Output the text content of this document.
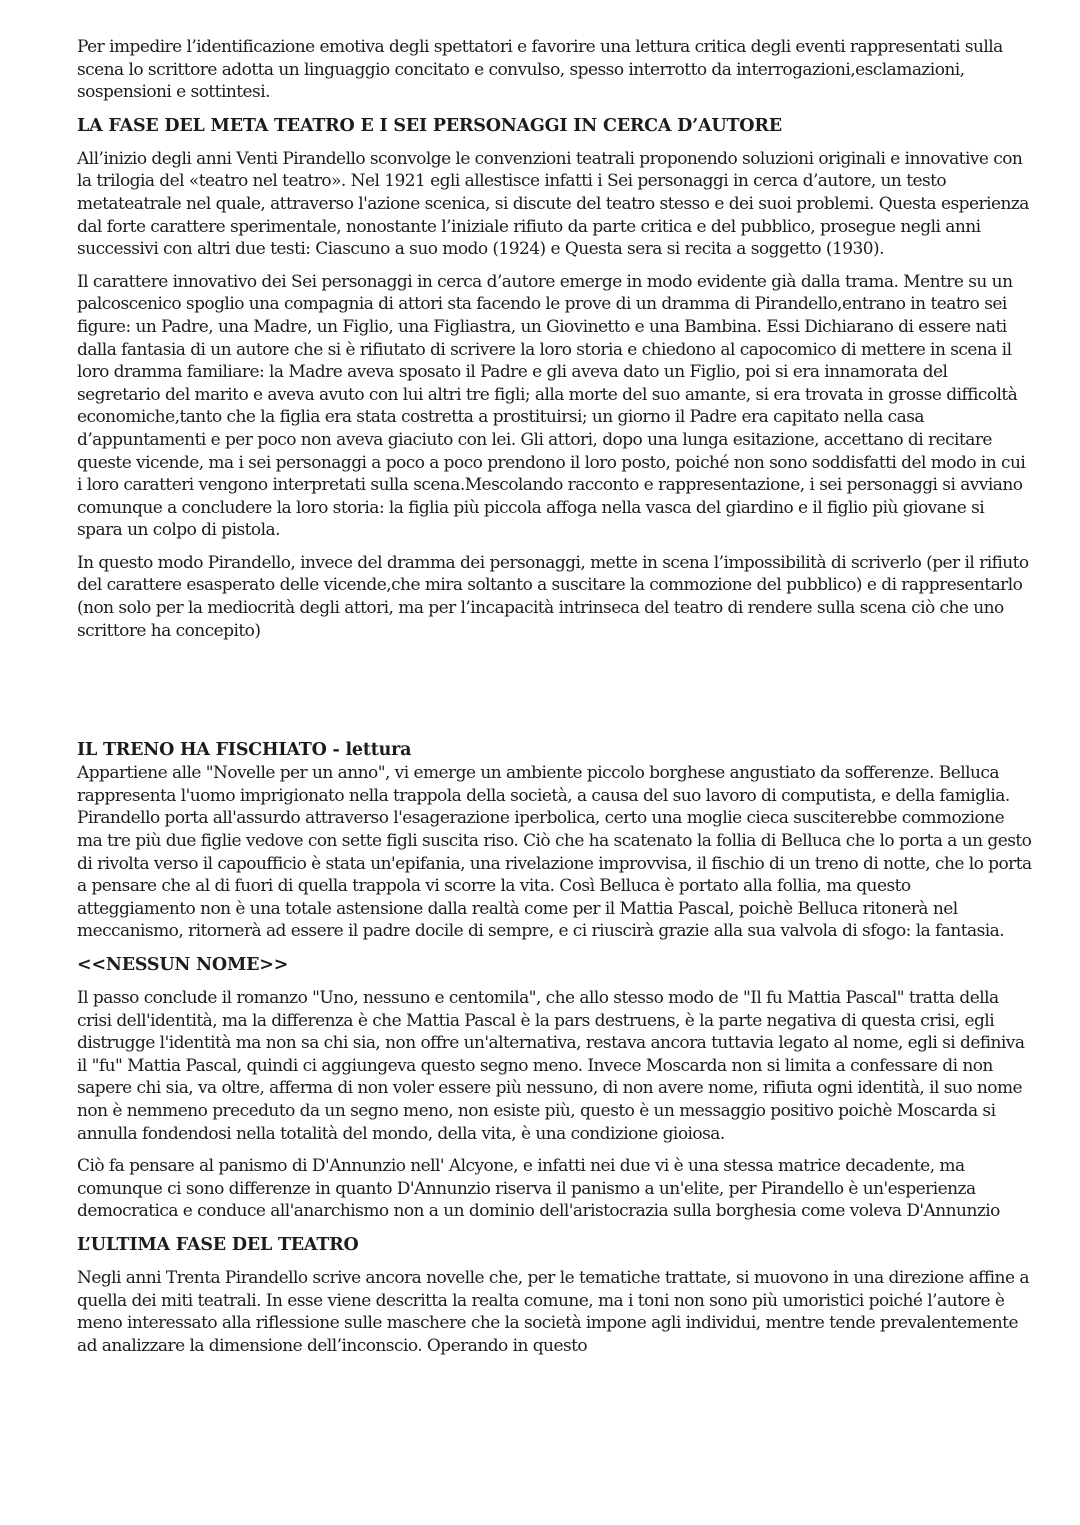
Per impedire l’identificazione emotiva degli spettatori e favorire una lettura critica degli eventi rappresentati sulla scena lo scrittore adotta un linguaggio concitato e convulso, spesso interrotto da interrogazioni,esclamazioni, sospensioni e sottintesi.

LA FASE DEL META TEATRO E I SEI PERSONAGGI IN CERCA D’AUTORE

All’inizio degli anni Venti Pirandello sconvolge le convenzioni teatrali proponendo soluzioni originali e innovative con la trilogia del «teatro nel teatro». Nel 1921 egli allestisce infatti i Sei personaggi in cerca d’autore, un testo metateatrale nel quale, attraverso l'azione scenica, si discute del teatro stesso e dei suoi problemi. Questa esperienza dal forte carattere sperimentale, nonostante l’iniziale rifiuto da parte critica e del pubblico, prosegue negli anni successivi con altri due testi: Ciascuno a suo modo (1924) e Questa sera si recita a soggetto (1930).

Il carattere innovativo dei Sei personaggi in cerca d’autore emerge in modo evidente già dalla trama. Mentre su un palcoscenico spoglio una compagnia di attori sta facendo le prove di un dramma di Pirandello,entrano in teatro sei figure: un Padre, una Madre, un Figlio, una Figliastra, un Giovinetto e una Bambina. Essi Dichiarano di essere nati dalla fantasia di un autore che si è rifiutato di scrivere la loro storia e chiedono al capocomico di mettere in scena il loro dramma familiare: la Madre aveva sposato il Padre e gli aveva dato un Figlio, poi si era innamorata del segretario del marito e aveva avuto con lui altri tre figli; alla morte del suo amante, si era trovata in grosse difficoltà economiche,tanto che la figlia era stata costretta a prostituirsi; un giorno il Padre era capitato nella casa d’appuntamenti e per poco non aveva giaciuto con lei. Gli attori, dopo una lunga esitazione, accettano di recitare queste vicende, ma i sei personaggi a poco a poco prendono il loro posto, poiché non sono soddisfatti del modo in cui i loro caratteri vengono interpretati sulla scena.Mescolando racconto e rappresentazione, i sei personaggi si avviano comunque a concludere la loro storia: la figlia più piccola affoga nella vasca del giardino e il figlio più giovane si spara un colpo di pistola.

In questo modo Pirandello, invece del dramma dei personaggi, mette in scena l’impossibilità di scriverlo (per il rifiuto del carattere esasperato delle vicende,che mira soltanto a suscitare la commozione del pubblico) e di rappresentarlo (non solo per la mediocrità degli attori, ma per l’incapacità intrinseca del teatro di rendere sulla scena ciò che uno scrittore ha concepito)

IL TRENO HA FISCHIATO - lettura

Appartiene alle "Novelle per un anno", vi emerge un ambiente piccolo borghese angustiato da sofferenze. Belluca rappresenta l'uomo imprigionato nella trappola della società, a causa del suo lavoro di computista, e della famiglia. Pirandello porta all'assurdo attraverso l'esagerazione iperbolica, certo una moglie cieca susciterebbe commozione ma tre più due figlie vedove con sette figli suscita riso. Ciò che ha scatenato la follia di Belluca che lo porta a un gesto di rivolta verso il capoufficio è stata un'epifania, una rivelazione improvvisa, il fischio di un treno di notte, che lo porta a pensare che al di fuori di quella trappola vi scorre la vita. Così Belluca è portato alla follia, ma questo atteggiamento non è una totale astensione dalla realtà come per il Mattia Pascal, poichè Belluca ritonerà nel meccanismo, ritornerà ad essere il padre docile di sempre, e ci riuscirà grazie alla sua valvola di sfogo: la fantasia.

<<NESSUN NOME>>

Il passo conclude il romanzo "Uno, nessuno e centomila", che allo stesso modo de "Il fu Mattia Pascal" tratta della crisi dell'identità, ma la differenza è che Mattia Pascal è la pars destruens, è la parte negativa di questa crisi, egli distrugge l'identità ma non sa chi sia, non offre un'alternativa, restava ancora tuttavia legato al nome, egli si definiva il "fu" Mattia Pascal, quindi ci aggiungeva questo segno meno. Invece Moscarda non si limita a confessare di non sapere chi sia, va oltre, afferma di non voler essere più nessuno, di non avere nome, rifiuta ogni identità, il suo nome non è nemmeno preceduto da un segno meno, non esiste più, questo è un messaggio positivo poichè Moscarda si annulla fondendosi nella totalità del mondo, della vita, è una condizione gioiosa.

Ciò fa pensare al panismo di D'Annunzio nell' Alcyone, e infatti nei due vi è una stessa matrice decadente, ma comunque ci sono differenze in quanto D'Annunzio riserva il panismo a un'elite, per Pirandello è un'esperienza democratica e conduce all'anarchismo non a un dominio dell'aristocrazia sulla borghesia come voleva D'Annunzio

L’ULTIMA FASE DEL TEATRO

Negli anni Trenta Pirandello scrive ancora novelle che, per le tematiche trattate, si muovono in una direzione affine a quella dei miti teatrali. In esse viene descritta la realta comune, ma i toni non sono più umoristici poiché l’autore è meno interessato alla riflessione sulle maschere che la società impone agli individui, mentre tende prevalentemente ad analizzare la dimensione dell’inconscio. Operando in questo
